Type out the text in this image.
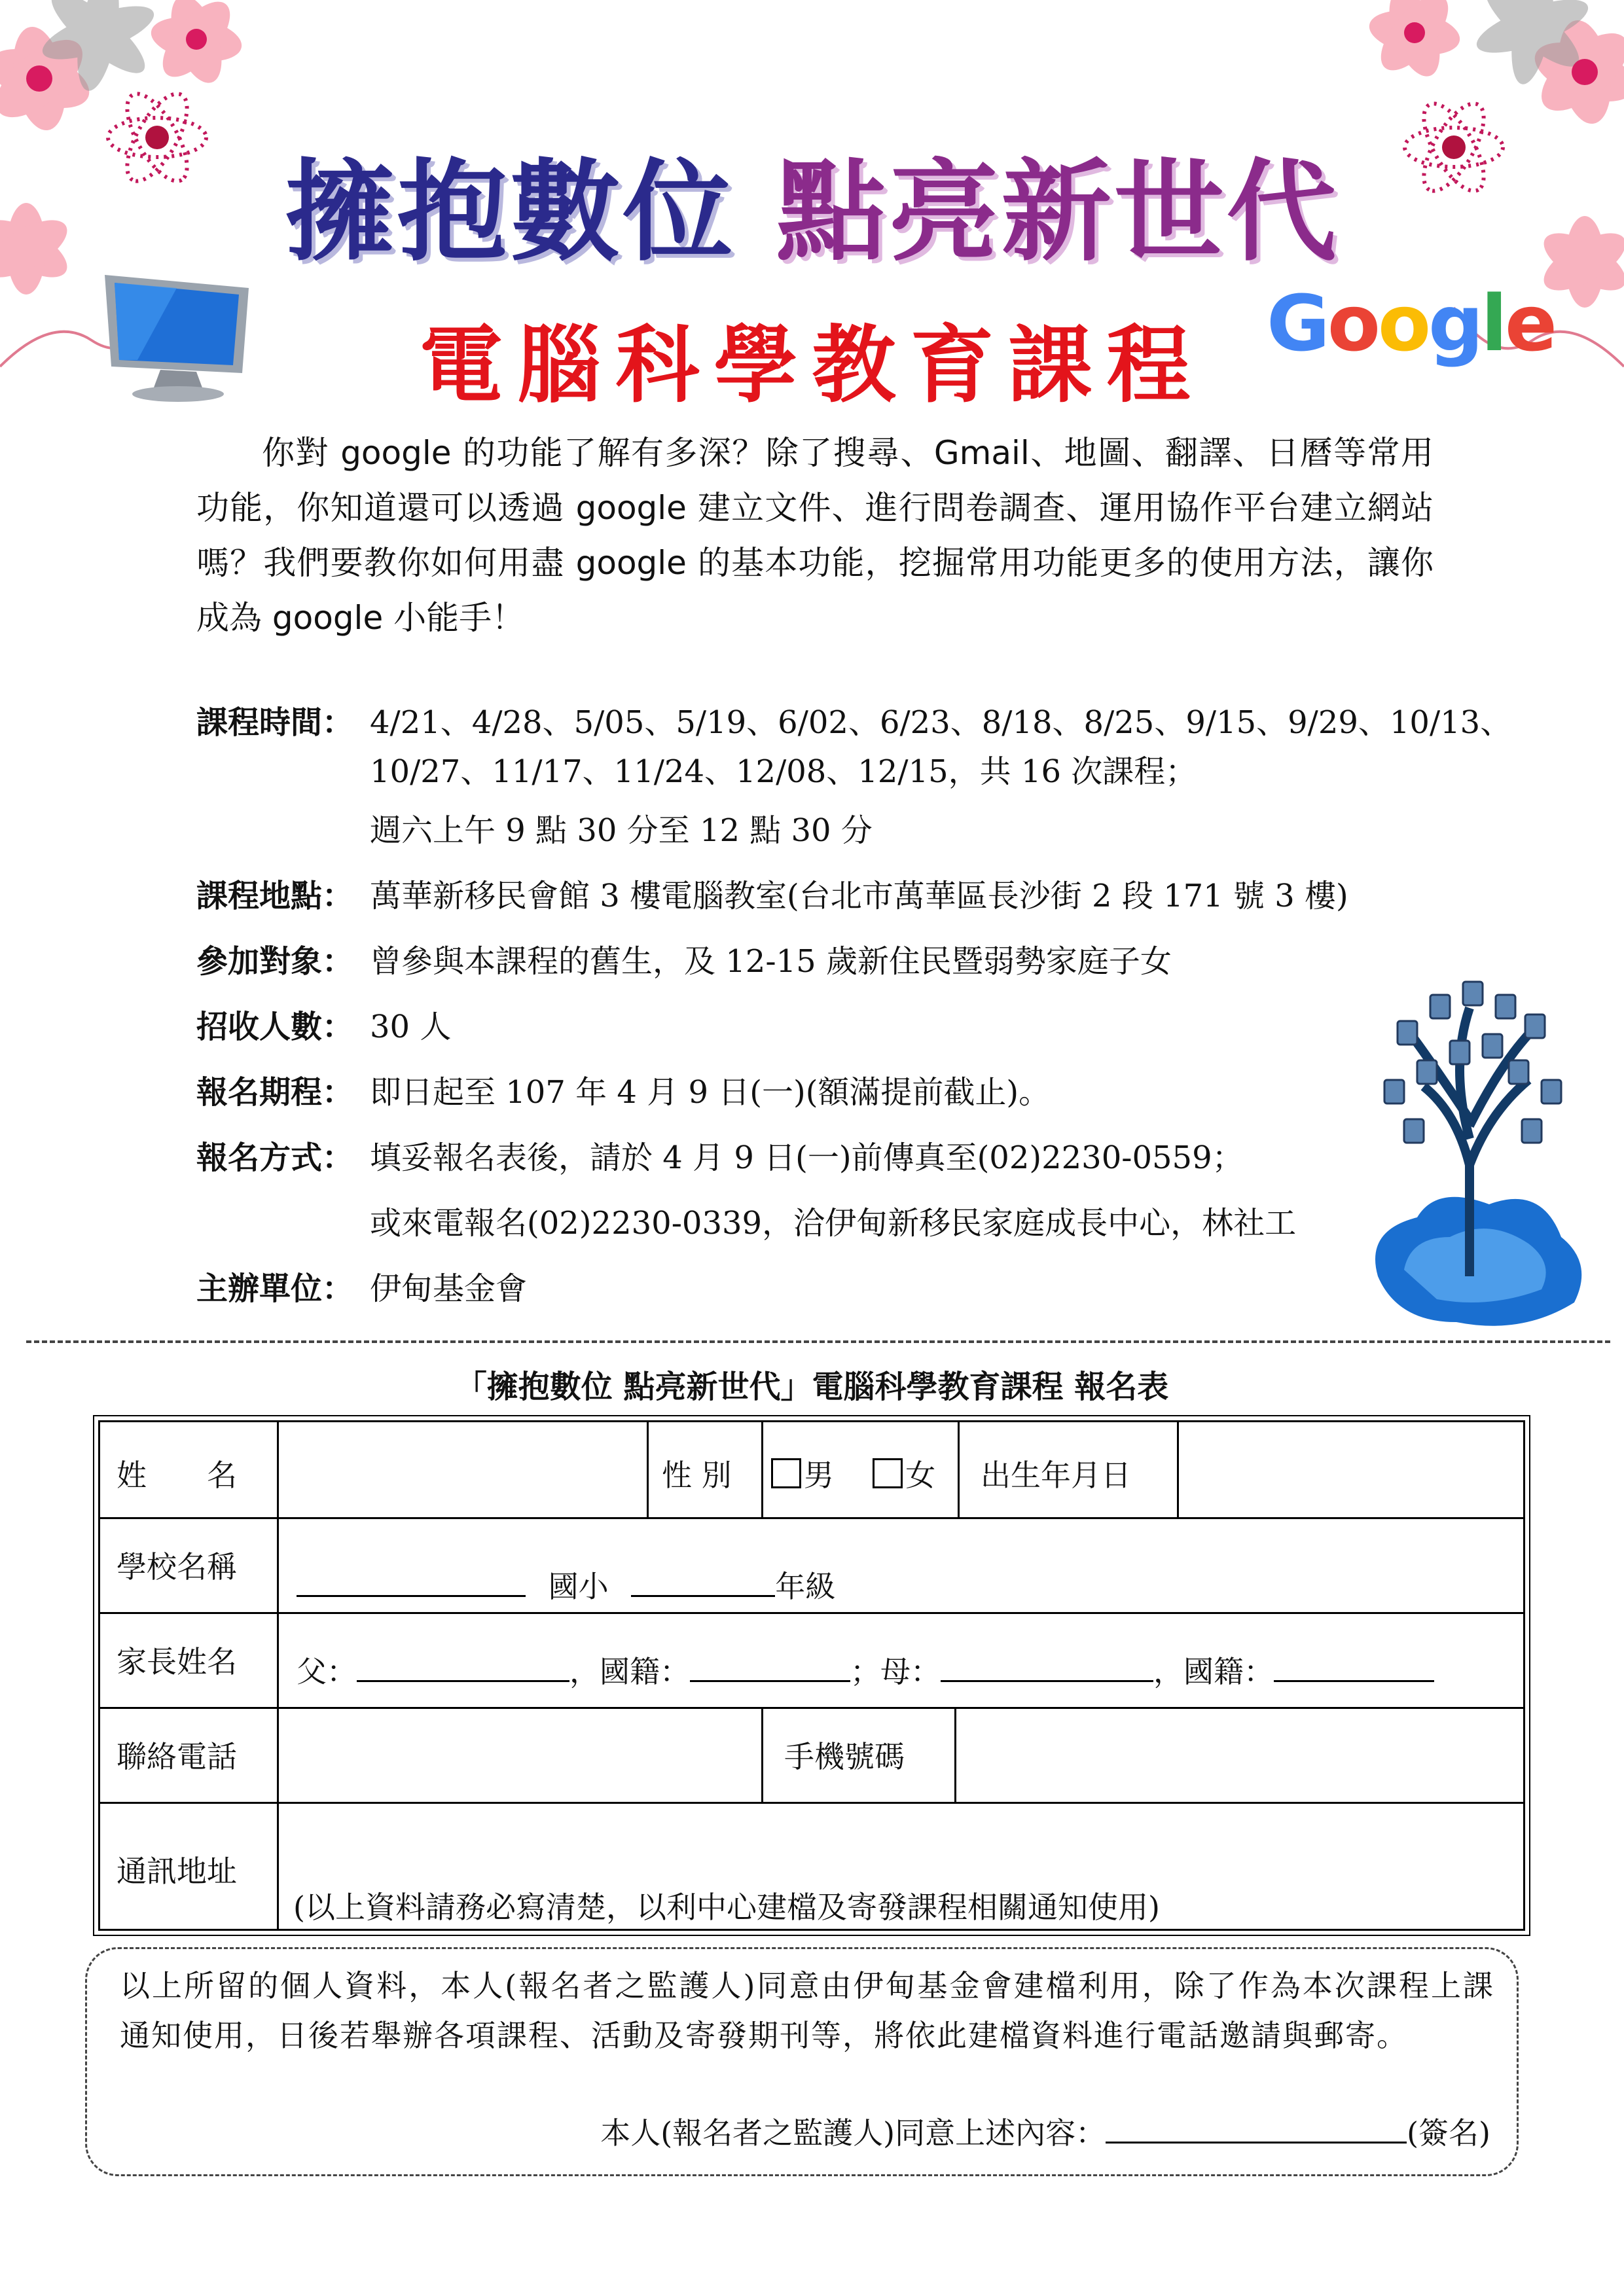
擁抱數位 點亮新世代
電腦科學教育課程 Google
你對 google 的功能了解有多深？除了搜尋、Gmail、地圖、翻譯、日曆等常用功能，你知道還可以透過 google 建立文件、進行問卷調查、運用協作平台建立網站嗎？我們要教你如何用盡 google 的基本功能，挖掘常用功能更多的使用方法，讓你成為 google 小能手！
課程時間： 4/21、4/28、5/05、5/19、6/02、6/23、8/18、8/25、9/15、9/29、10/13、
10/27、11/17、11/24、12/08、12/15，共 16 次課程；
週六上午 9 點 30 分至 12 點 30 分
課程地點： 萬華新移民會館 3 樓電腦教室(台北市萬華區長沙街 2 段 171 號 3 樓)
參加對象： 曾參與本課程的舊生，及 12-15 歲新住民暨弱勢家庭子女
招收人數： 30 人
報名期程： 即日起至 107 年 4 月 9 日(一)(額滿提前截止)。
報名方式： 填妥報名表後，請於 4 月 9 日(一)前傳真至(02)2230-0559；
或來電報名(02)2230-0339，洽伊甸新移民家庭成長中心，林社工
主辦單位： 伊甸基金會
「擁抱數位 點亮新世代」電腦科學教育課程 報名表
姓　　名	性 別	男 女 出生年月日
學校名稱
國小	年級
家長姓名 父：	，國籍：	；母：	，國籍：
聯絡電話	手機號碼
通訊地址
(以上資料請務必寫清楚，以利中心建檔及寄發課程相關通知使用)
以上所留的個人資料，本人(報名者之監護人)同意由伊甸基金會建檔利用，除了作為本次課程上課通知使用，日後若舉辦各項課程、活動及寄發期刊等，將依此建檔資料進行電話邀請與郵寄。
本人(報名者之監護人)同意上述內容：	(簽名)
